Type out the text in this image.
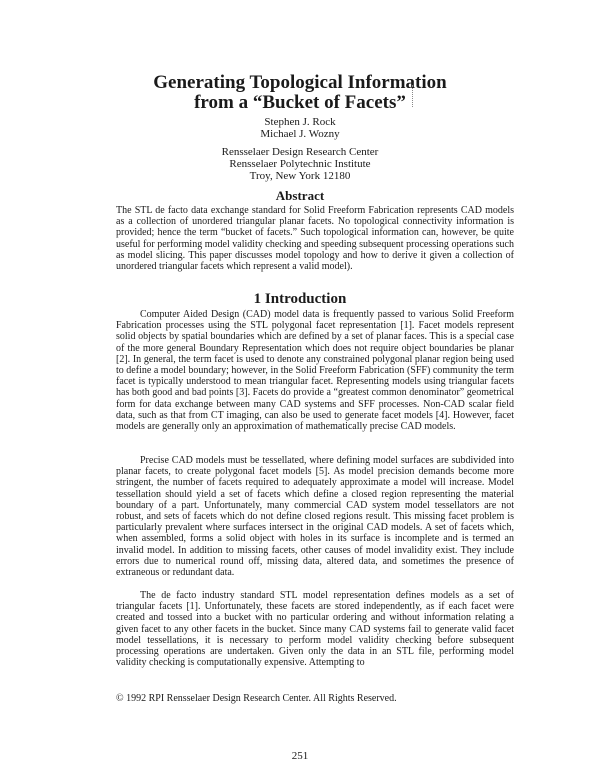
Generating Topological Information
from a “Bucket of Facets”
Stephen J. Rock
Michael J. Wozny
Rensselaer Design Research Center
Rensselaer Polytechnic Institute
Troy, New York 12180
Abstract

The STL de facto data exchange standard for Solid Freeform Fabrication represents CAD models as a collection of unordered triangular planar facets. No topological connectivity information is provided; hence the term “bucket of facets.” Such topological information can, however, be quite useful for performing model validity checking and speeding subsequent processing operations such as model slicing. This paper discusses model topology and how to derive it given a collection of unordered triangular facets which represent a valid model).

1 Introduction

Computer Aided Design (CAD) model data is frequently passed to various Solid Freeform Fabrication processes using the STL polygonal facet representation [1]. Facet models represent solid objects by spatial boundaries which are defined by a set of planar faces. This is a special case of the more general Boundary Representation which does not require object boundaries be planar [2]. In general, the term facet is used to denote any constrained polygonal planar region being used to define a model boundary; however, in the Solid Freeform Fabrication (SFF) community the term facet is typically understood to mean triangular facet. Representing models using triangular facets has both good and bad points [3]. Facets do provide a “greatest common denominator” geometrical form for data exchange between many CAD systems and SFF processes. Non-CAD scalar field data, such as that from CT imaging, can also be used to generate facet models [4]. However, facet models are generally only an approximation of mathematically precise CAD models.

Precise CAD models must be tessellated, where defining model surfaces are subdivided into planar facets, to create polygonal facet models [5]. As model precision demands become more stringent, the number of facets required to adequately approximate a model will increase. Model tessellation should yield a set of facets which define a closed region representing the material boundary of a part. Unfortunately, many commercial CAD system model tessellators are not robust, and sets of facets which do not define closed regions result. This missing facet problem is particularly prevalent where surfaces intersect in the original CAD models. A set of facets which, when assembled, forms a solid object with holes in its surface is incomplete and is termed an invalid model. In addition to missing facets, other causes of model invalidity exist. They include errors due to numerical round off, missing data, altered data, and sometimes the presence of extraneous or redundant data.

The de facto industry standard STL model representation defines models as a set of triangular facets [1]. Unfortunately, these facets are stored independently, as if each facet were created and tossed into a bucket with no particular ordering and without information relating a given facet to any other facets in the bucket. Since many CAD systems fail to generate valid facet model tessellations, it is necessary to perform model validity checking before subsequent processing operations are undertaken. Given only the data in an STL file, performing model validity checking is computationally expensive. Attempting to

© 1992 RPI Rensselaer Design Research Center. All Rights Reserved.
251
